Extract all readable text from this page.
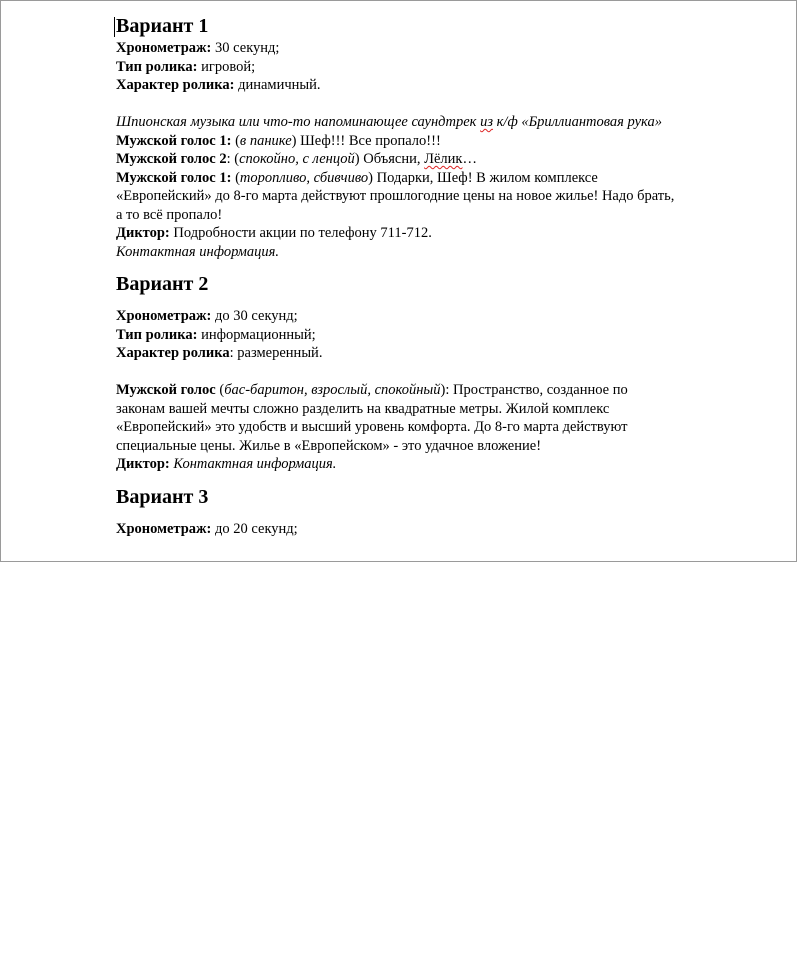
Вариант 1
Хронометраж: 30 секунд;
Тип ролика: игровой;
Характер ролика: динамичный.
Шпионская музыка или что-то напоминающее саундтрек из к/ф «Бриллиантовая рука»
Мужской голос 1: (в панике) Шеф!!! Все пропало!!!
Мужской голос 2: (спокойно, с ленцой) Объясни, Лёлик…
Мужской голос 1: (торопливо, сбивчиво) Подарки, Шеф! В жилом комплексе
«Европейский» до 8-го марта действуют прошлогодние цены на новое жилье! Надо брать,
а то всё пропало!
Диктор: Подробности акции по телефону 711-712.
Контактная информация.
Вариант 2
Хронометраж: до 30 секунд;
Тип ролика: информационный;
Характер ролика: размеренный.
Мужской голос (бас-баритон, взрослый, спокойный): Пространство, созданное по
законам вашей мечты сложно разделить на квадратные метры. Жилой комплекс
«Европейский» это удобств и высший уровень комфорта. До 8-го марта действуют
специальные цены. Жилье в «Европейском» - это удачное вложение!
Диктор: Контактная информация.
Вариант 3
Хронометраж: до 20 секунд;
